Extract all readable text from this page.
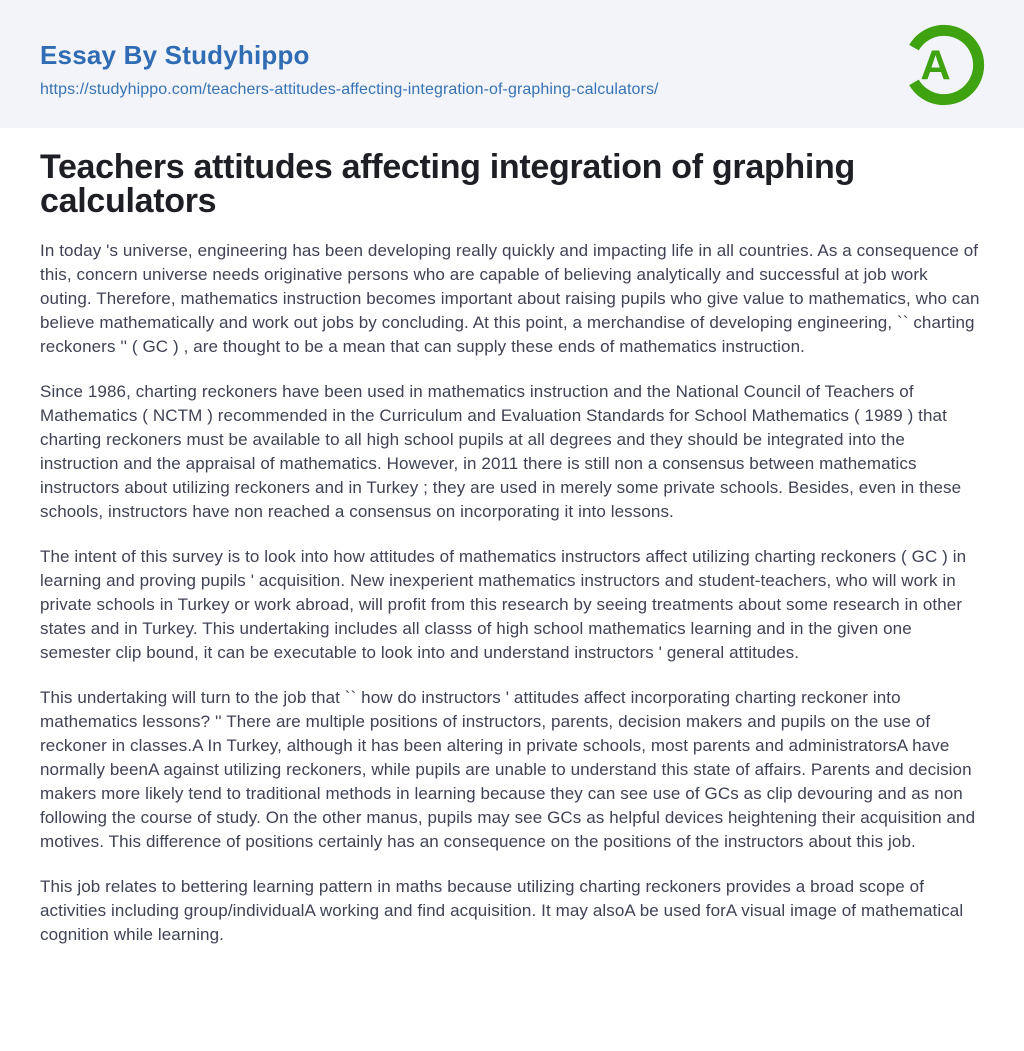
Essay By Studyhippo
https://studyhippo.com/teachers-attitudes-affecting-integration-of-graphing-calculators/
A
Teachers attitudes affecting integration of graphing calculators

In today 's universe, engineering has been developing really quickly and impacting life in all countries. As a consequence of this, concern universe needs originative persons who are capable of believing analytically and successful at job work outing. Therefore, mathematics instruction becomes important about raising pupils who give value to mathematics, who can believe mathematically and work out jobs by concluding. At this point, a merchandise of developing engineering, `` charting reckoners '' ( GC ) , are thought to be a mean that can supply these ends of mathematics instruction.

Since 1986, charting reckoners have been used in mathematics instruction and the National Council of Teachers of Mathematics ( NCTM ) recommended in the Curriculum and Evaluation Standards for School Mathematics ( 1989 ) that charting reckoners must be available to all high school pupils at all degrees and they should be integrated into the instruction and the appraisal of mathematics. However, in 2011 there is still non a consensus between mathematics instructors about utilizing reckoners and in Turkey ; they are used in merely some private schools. Besides, even in these schools, instructors have non reached a consensus on incorporating it into lessons.

The intent of this survey is to look into how attitudes of mathematics instructors affect utilizing charting reckoners ( GC ) in learning and proving pupils ' acquisition. New inexperient mathematics instructors and student-teachers, who will work in private schools in Turkey or work abroad, will profit from this research by seeing treatments about some research in other states and in Turkey. This undertaking includes all classs of high school mathematics learning and in the given one semester clip bound, it can be executable to look into and understand instructors ' general attitudes.

This undertaking will turn to the job that `` how do instructors ' attitudes affect incorporating charting reckoner into mathematics lessons? '' There are multiple positions of instructors, parents, decision makers and pupils on the use of reckoner in classes.A In Turkey, although it has been altering in private schools, most parents and administratorsA have normally beenA against utilizing reckoners, while pupils are unable to understand this state of affairs. Parents and decision makers more likely tend to traditional methods in learning because they can see use of GCs as clip devouring and as non following the course of study. On the other manus, pupils may see GCs as helpful devices heightening their acquisition and motives. This difference of positions certainly has an consequence on the positions of the instructors about this job.

This job relates to bettering learning pattern in maths because utilizing charting reckoners provides a broad scope of activities including group/individualA working and find acquisition. It may alsoA be used forA visual image of mathematical cognition while learning.
